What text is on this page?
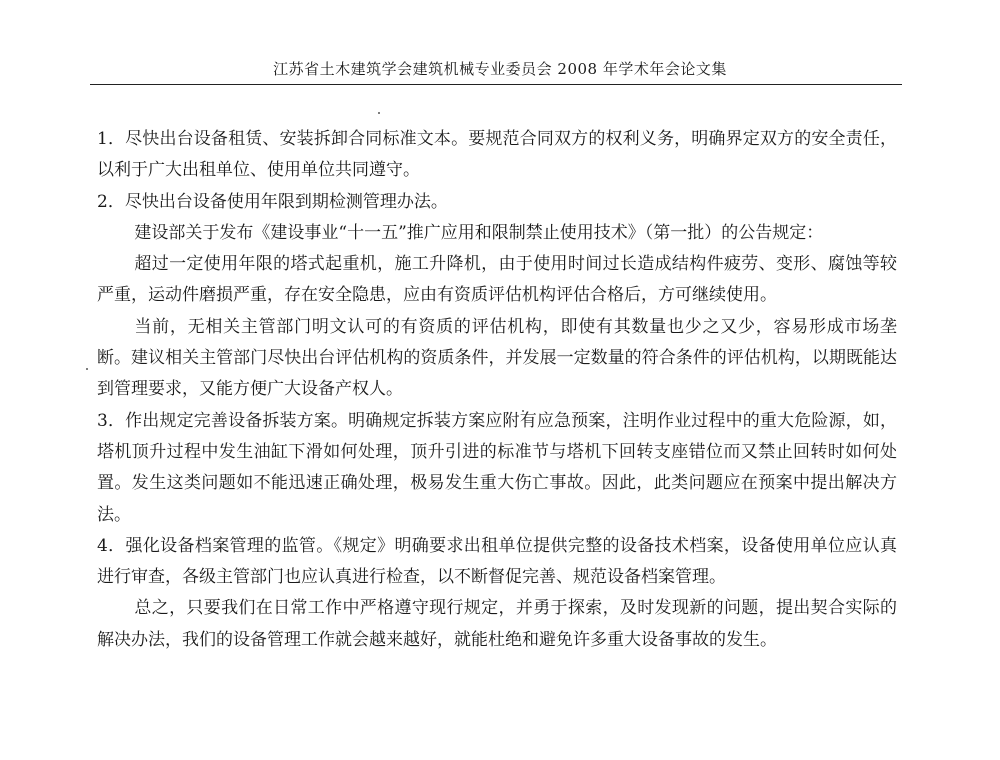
江苏省土木建筑学会建筑机械专业委员会 2008 年学术年会论文集

1．尽快出台设备租赁、安装拆卸合同标准文本。要规范合同双方的权利义务，明确界定双方的安全责任，以利于广大出租单位、使用单位共同遵守。

2．尽快出台设备使用年限到期检测管理办法。

建设部关于发布《建设事业“十一五”推广应用和限制禁止使用技术》（第一批）的公告规定：

超过一定使用年限的塔式起重机，施工升降机，由于使用时间过长造成结构件疲劳、变形、腐蚀等较严重，运动件磨损严重，存在安全隐患，应由有资质评估机构评估合格后，方可继续使用。

当前，无相关主管部门明文认可的有资质的评估机构，即使有其数量也少之又少，容易形成市场垄断。建议相关主管部门尽快出台评估机构的资质条件，并发展一定数量的符合条件的评估机构，以期既能达到管理要求，又能方便广大设备产权人。

3．作出规定完善设备拆装方案。明确规定拆装方案应附有应急预案，注明作业过程中的重大危险源，如，塔机顶升过程中发生油缸下滑如何处理，顶升引进的标准节与塔机下回转支座错位而又禁止回转时如何处置。发生这类问题如不能迅速正确处理，极易发生重大伤亡事故。因此，此类问题应在预案中提出解决方法。

4．强化设备档案管理的监管。《规定》明确要求出租单位提供完整的设备技术档案，设备使用单位应认真进行审查，各级主管部门也应认真进行检查，以不断督促完善、规范设备档案管理。

总之，只要我们在日常工作中严格遵守现行规定，并勇于探索，及时发现新的问题，提出契合实际的解决办法，我们的设备管理工作就会越来越好，就能杜绝和避免许多重大设备事故的发生。
